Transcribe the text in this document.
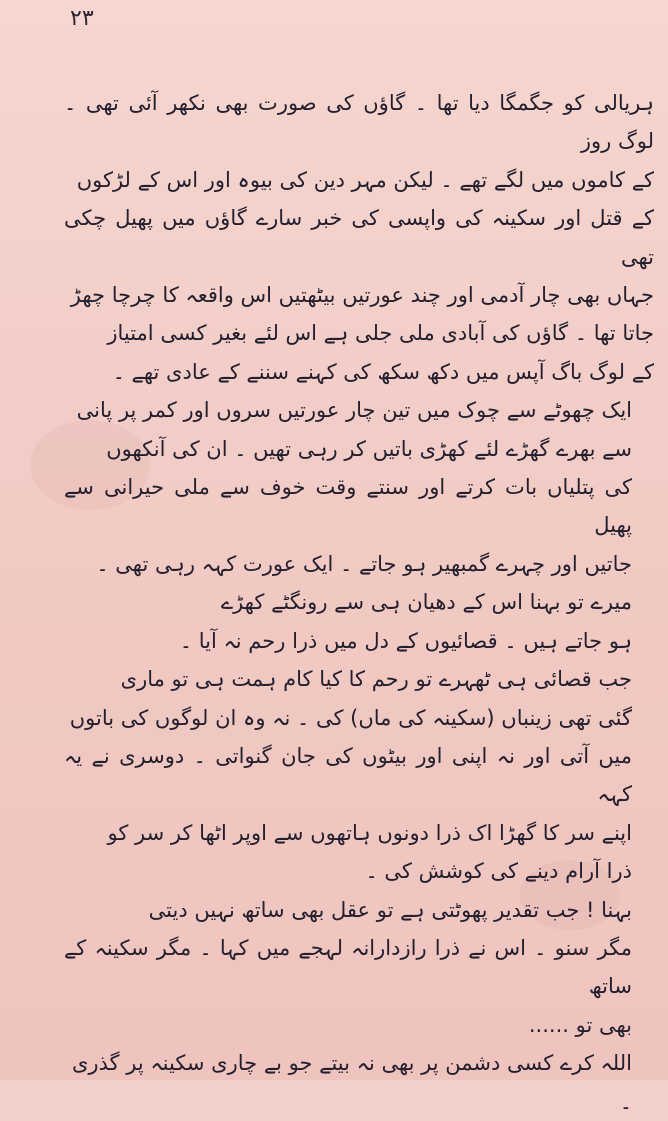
۲۳

ہریالی کو جگمگا دیا تھا ۔ گاؤں کی صورت بھی نکھر آئی تھی ۔ لوگ روز
کے کاموں میں لگے تھے ۔ لیکن مہر دین کی بیوہ اور اس کے لڑکوں
کے قتل اور سکینہ کی واپسی کی خبر سارے گاؤں میں پھیل چکی تھی
جہاں بھی چار آدمی اور چند عورتیں بیٹھتیں اس واقعہ کا چرچا چھڑ
جاتا تھا ۔ گاؤں کی آبادی ملی جلی ہے اس لئے بغیر کسی امتیاز
کے لوگ باگ آپس میں دکھ سکھ کی کہنے سننے کے عادی تھے ۔

ایک چھوٹے سے چوک میں تین چار عورتیں سروں اور کمر پر پانی
سے بھرے گھڑے لئے کھڑی باتیں کر رہی تھیں ۔ ان کی آنکھوں
کی پتلیاں بات کرتے اور سنتے وقت خوف سے ملی حیرانی سے پھیل
جاتیں اور چہرے گمبھیر ہو جاتے ۔ ایک عورت کہہ رہی تھی ۔

میرے تو بہنا اس کے دھیان ہی سے رونگٹے کھڑے
ہو جاتے ہیں ۔ قصائیوں کے دل میں ذرا رحم نہ آیا ۔

جب قصائی ہی ٹھہرے تو رحم کا کیا کام ہمت ہی تو ماری
گئی تھی زینباں (سکینہ کی ماں) کی ۔ نہ وہ ان لوگوں کی باتوں
میں آتی اور نہ اپنی اور بیٹوں کی جان گنواتی ۔ دوسری نے یہ کہہ
اپنے سر کا گھڑا اک ذرا دونوں ہاتھوں سے اوپر اٹھا کر سر کو
ذرا آرام دینے کی کوشش کی ۔

بہنا ! جب تقدیر پھوٹتی ہے تو عقل بھی ساتھ نہیں دیتی
مگر سنو ۔ اس نے ذرا رازدارانہ لہجے میں کہا ۔ مگر سکینہ کے ساتھ
بھی تو ......

اللہ کرے کسی دشمن پر بھی نہ بیتے جو بے چاری سکینہ پر گذری ۔
